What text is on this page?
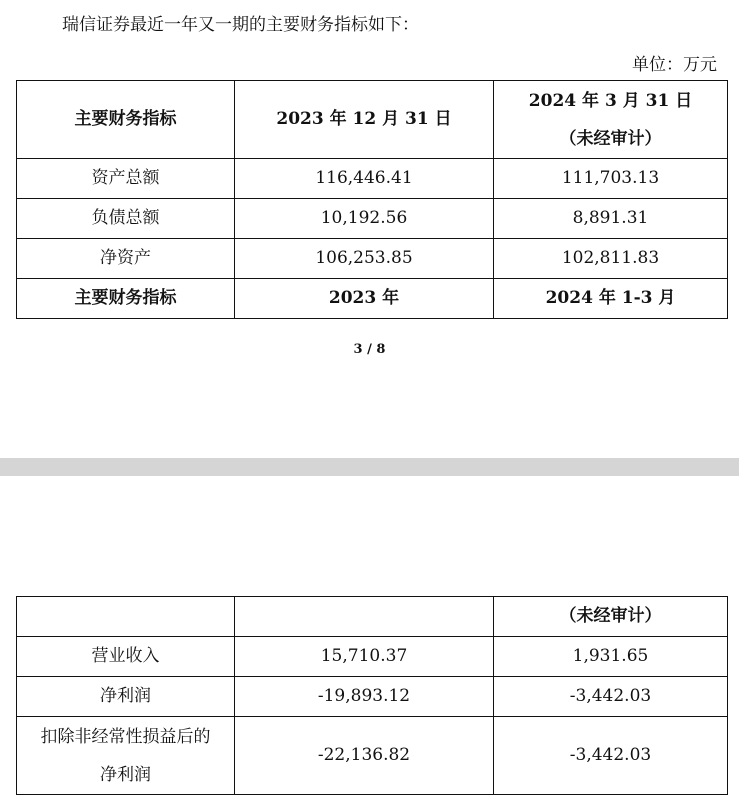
瑞信证券最近一年又一期的主要财务指标如下：
单位：万元
主要财务指标	2023 年 12 月 31 日	2024 年 3 月 31 日
（未经审计）

资产总额	116,446.41	111,703.13
负债总额	10,192.56	8,891.31
净资产	106,253.85	102,811.83
主要财务指标	2023 年	2024 年 1-3 月
3 / 8
		（未经审计）
营业收入	15,710.37	1,931.65
净利润	-19,893.12	-3,442.03

扣除非经常性损益后的
净利润	-22,136.82	-3,442.03
